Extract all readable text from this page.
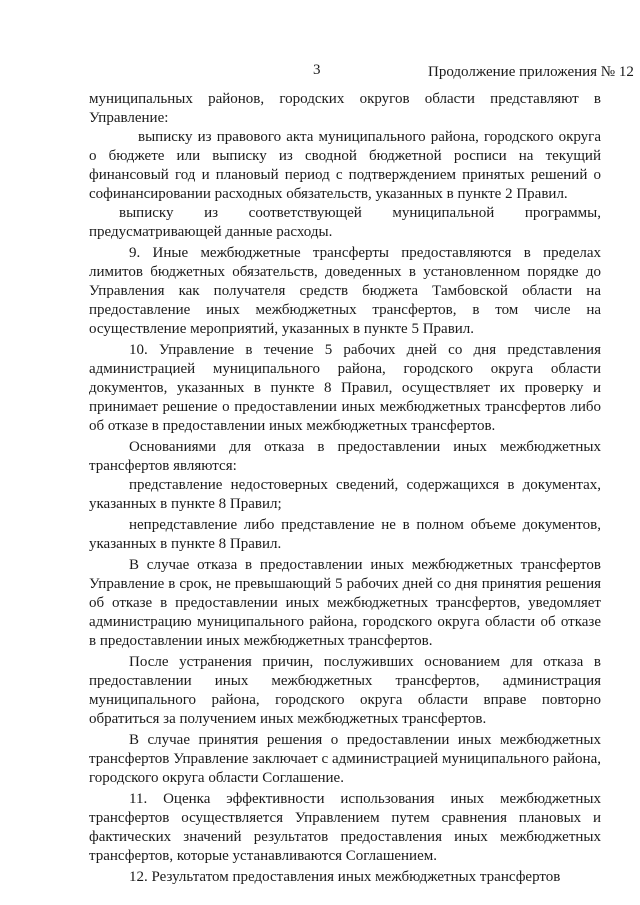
3	Продолжение приложения № 12

муниципальных районов, городских округов области представляют в Управление:

выписку из правового акта муниципального района, городского округа о бюджете или выписку из сводной бюджетной росписи на текущий финансовый год и плановый период с подтверждением принятых решений о софинансировании расходных обязательств, указанных в пункте 2 Правил.

выписку из соответствующей муниципальной программы, предусматривающей данные расходы.

9. Иные межбюджетные трансферты предоставляются в пределах лимитов бюджетных обязательств, доведенных в установленном порядке до Управления как получателя средств бюджета Тамбовской области на предоставление иных межбюджетных трансфертов, в том числе на осуществление мероприятий, указанных в пункте 5 Правил.

10. Управление в течение 5 рабочих дней со дня представления администрацией муниципального района, городского округа области документов, указанных в пункте 8 Правил, осуществляет их проверку и принимает решение о предоставлении иных межбюджетных трансфертов либо об отказе в предоставлении иных межбюджетных трансфертов.

Основаниями для отказа в предоставлении иных межбюджетных трансфертов являются:

представление недостоверных сведений, содержащихся в документах, указанных в пункте 8 Правил;

непредставление либо представление не в полном объеме документов, указанных в пункте 8 Правил.

В случае отказа в предоставлении иных межбюджетных трансфертов Управление в срок, не превышающий 5 рабочих дней со дня принятия решения об отказе в предоставлении иных межбюджетных трансфертов, уведомляет администрацию муниципального района, городского округа области об отказе в предоставлении иных межбюджетных трансфертов.

После устранения причин, послуживших основанием для отказа в предоставлении иных межбюджетных трансфертов, администрация муниципального района, городского округа области вправе повторно обратиться за получением иных межбюджетных трансфертов.

В случае принятия решения о предоставлении иных межбюджетных трансфертов Управление заключает с администрацией муниципального района, городского округа области Соглашение.

11. Оценка эффективности использования иных межбюджетных трансфертов осуществляется Управлением путем сравнения плановых и фактических значений результатов предоставления иных межбюджетных трансфертов, которые устанавливаются Соглашением.

12. Результатом предоставления иных межбюджетных трансфертов
